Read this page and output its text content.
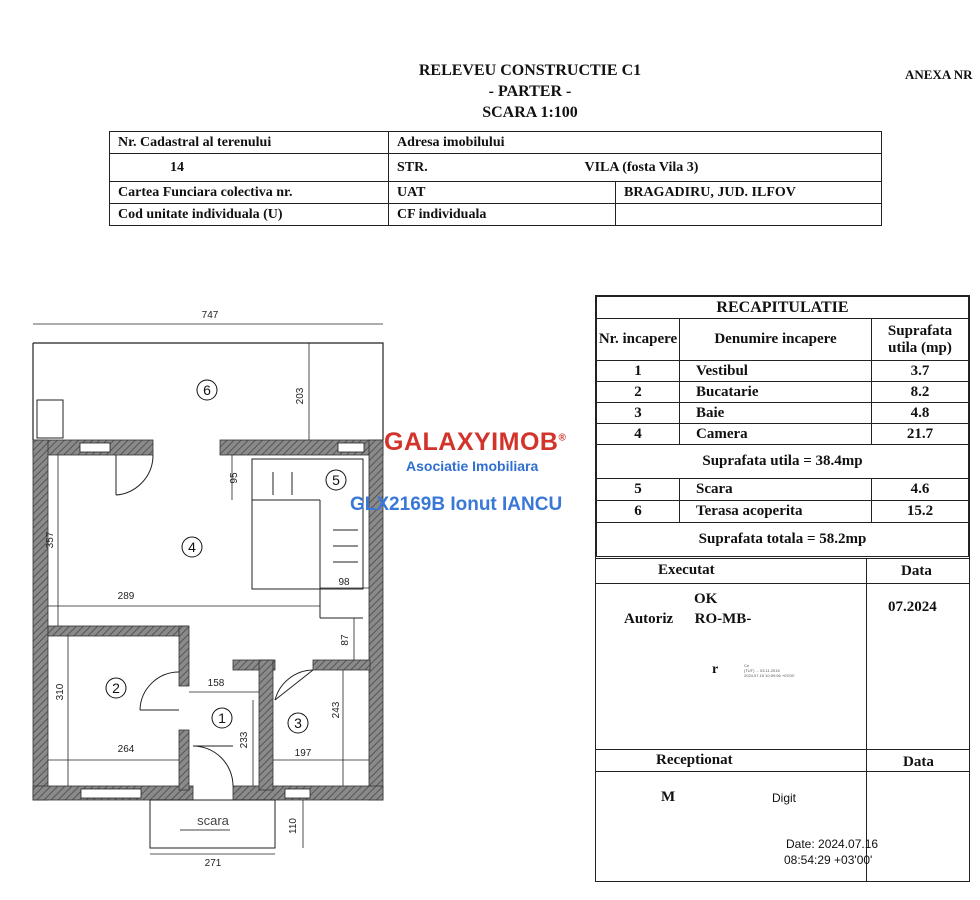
RELEVEU CONSTRUCTIE C1
- PARTER -
SCARA 1:100
ANEXA NR
Nr. Cadastral al terenului	Adresa imobilului	
14	STR. VILA (fosta Vila 3)	
Cartea Funciara colectiva nr.	UAT	BRAGADIRU, JUD. ILFOV
Cod unitate individuala (U)	CF individuala	
scara
747
203
357
289
95
98
87
310
264
158
233
197
243
110
271
6
5
4
2
1	3
GALAXYIMOB®
Asociatie Imobiliara
GLX2169B Ionut IANCU
RECAPITULATIE		
Nr. incapere	Denumire incapere	Suprafata utila (mp)
1	Vestibul	3.7
2	Bucatarie	8.2
3	Baie	4.8
4	Camera	21.7
Suprafata utila = 38.4mp		
5	Scara	4.6
6	Terasa acoperita	15.2
Suprafata totala = 58.2mp		
Executat	Data
07.2024
OK
Autoriz RO-MB-
r	Ce
(TUT) ... 03.11.2015
2024.07.15 10:09:06 +03'00'
Receptionat	Data
M	Digit
Date: 2024.07.16
08:54:29 +03'00'
